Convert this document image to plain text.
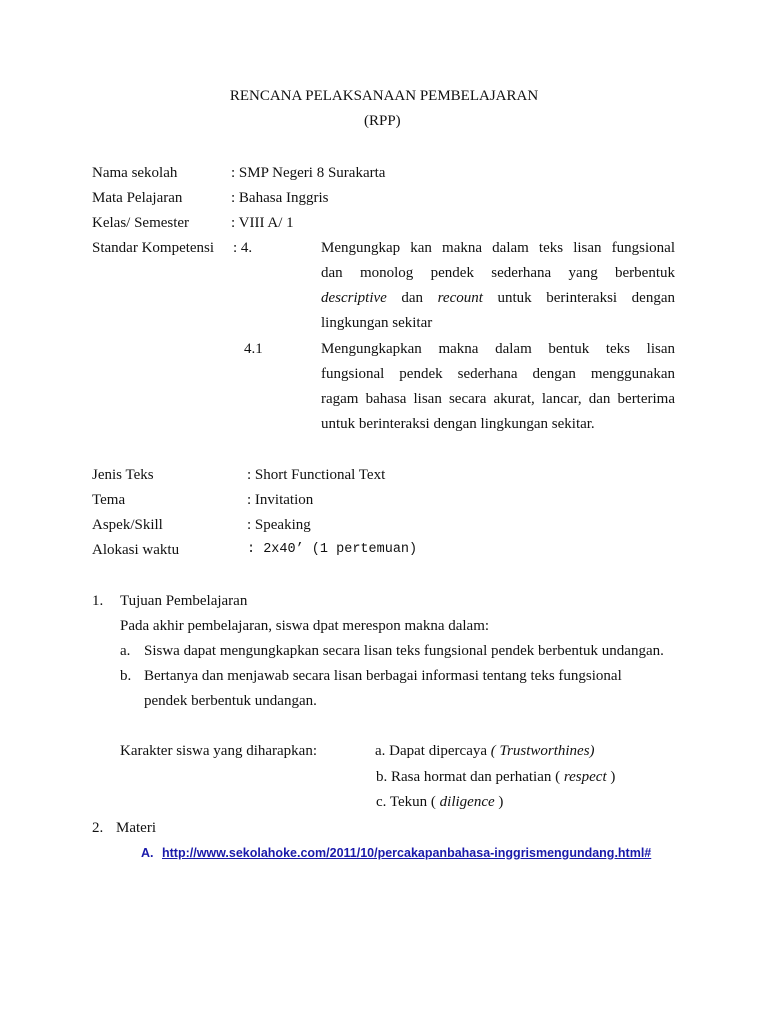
RENCANA PELAKSANAAN PEMBELAJARAN
(RPP)
Nama sekolah	: SMP Negeri 8 Surakarta
Mata Pelajaran	: Bahasa Inggris
Kelas/ Semester	: VIII A/ 1
Standar Kompetensi : 4.	Mengungkap kan makna dalam teks lisan fungsional
dan monolog pendek sederhana yang berbentuk
descriptive dan recount untuk berinteraksi dengan
lingkungan sekitar
4.1	Mengungkapkan makna dalam bentuk teks lisan
fungsional pendek sederhana dengan menggunakan
ragam bahasa lisan secara akurat, lancar, dan berterima
untuk berinteraksi dengan lingkungan sekitar.
Jenis Teks	: Short Functional Text
Tema	: Invitation
Aspek/Skill	: Speaking
Alokasi waktu	: 2x40’ (1 pertemuan)
1. Tujuan Pembelajaran
Pada akhir pembelajaran, siswa dpat merespon makna dalam:
a. Siswa dapat mengungkapkan secara lisan teks fungsional pendek berbentuk undangan.
b. Bertanya dan menjawab secara lisan berbagai informasi tentang teks fungsional
pendek berbentuk undangan.
Karakter siswa yang diharapkan:	a. Dapat dipercaya ( Trustworthines)
b. Rasa hormat dan perhatian ( respect )
c. Tekun ( diligence )
2. Materi
A. http://www.sekolahoke.com/2011/10/percakapanbahasa-inggrismengundang.html#
